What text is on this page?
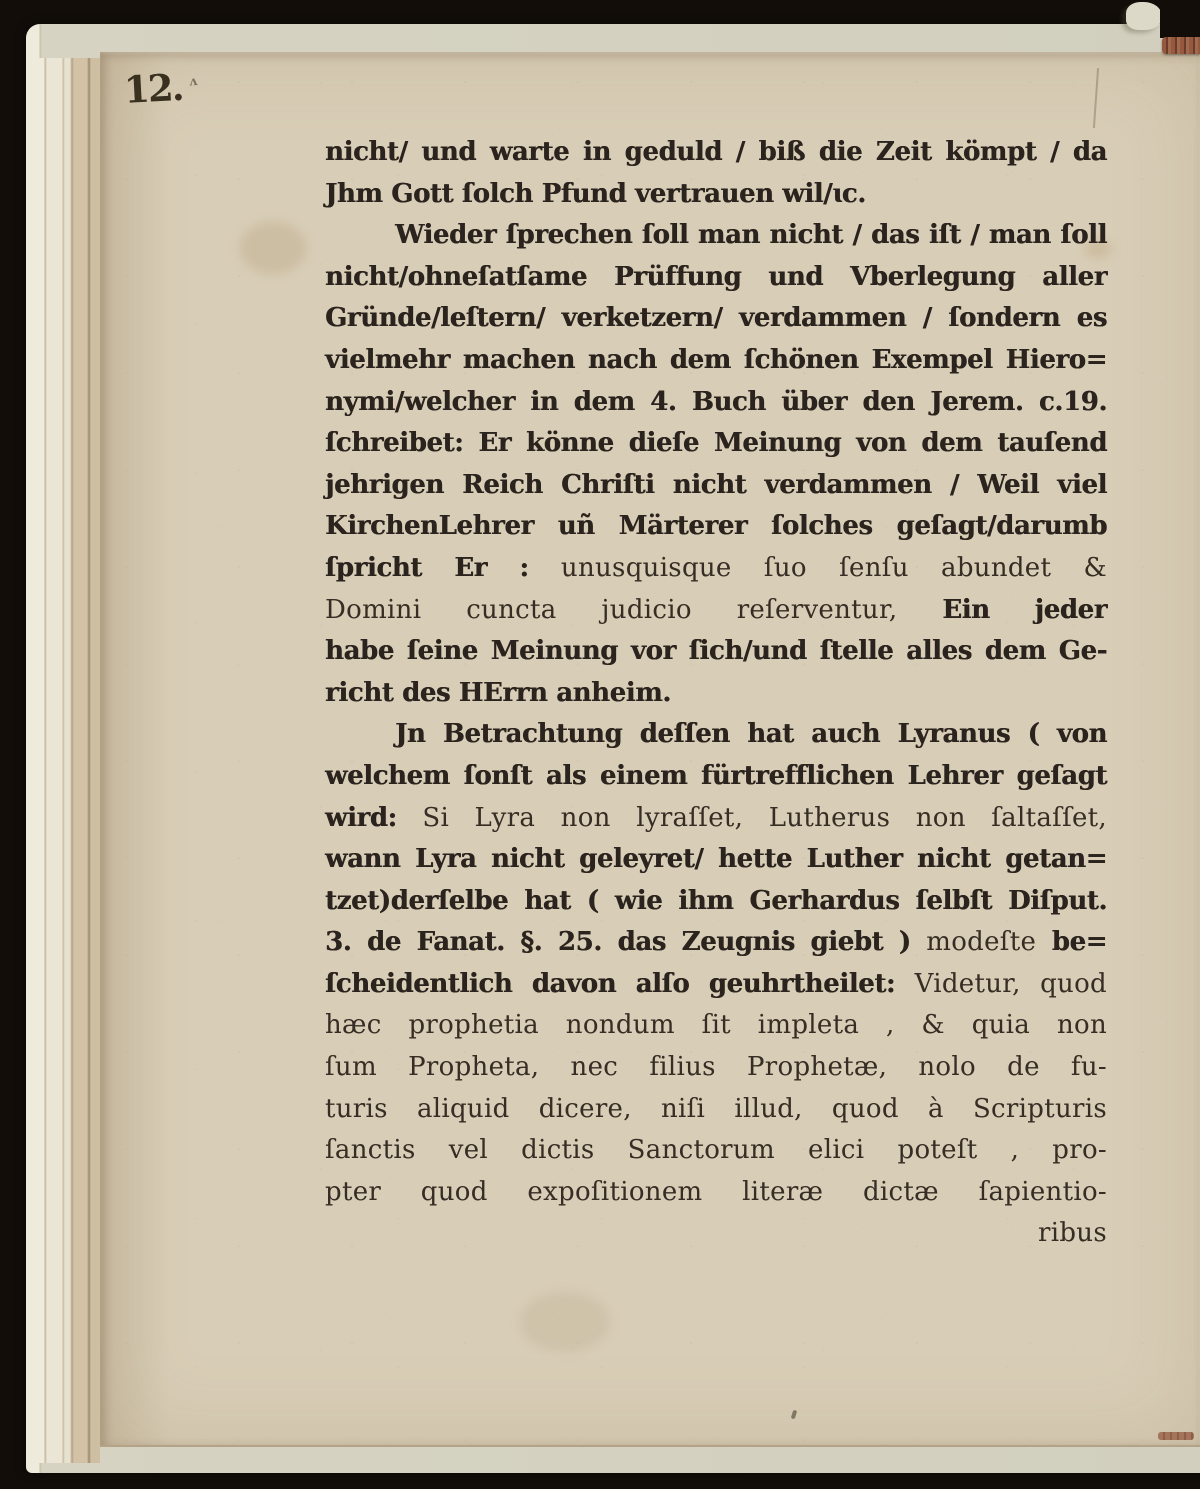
12. $^ʌ$
nicht/ und warte in geduld / biß die Zeit kömpt / da
Jhm Gott ſolch Pfund vertrauen wil/ɩc.
Wieder ſprechen ſoll man nicht / das iſt / man ſoll
nicht/ohneſatſame Prüffung und Vberlegung aller
Gründe/leſtern/ verketzern/ verdammen / ſondern es
vielmehr machen nach dem ſchönen Exempel Hiero=
nymi/welcher in dem 4. Buch über den Jerem. c.19.
ſchreibet: Er könne dieſe Meinung von dem tauſend
jehrigen Reich Chriſti nicht verdammen / Weil viel
KirchenLehrer uñ Märterer ſolches geſagt/darumb
ſpricht Er : unusquisque ſuo ſenſu abundet &
Domini cuncta judicio reſerventur, Ein jeder
habe ſeine Meinung vor ſich/und ſtelle alles dem Ge-
richt des HErrn anheim.
Jn Betrachtung deſſen hat auch Lyranus ( von
welchem ſonſt als einem fürtrefflichen Lehrer geſagt
wird: Si Lyra non lyraſſet, Lutherus non ſaltaſſet,
wann Lyra nicht geleyret/ hette Luther nicht getan=
tzet)derſelbe hat ( wie ihm Gerhardus ſelbſt Diſput.
3. de Fanat. §. 25. das Zeugnis giebt ) modeſte be=
ſcheidentlich davon alſo geuhrtheilet: Videtur, quod
hæc prophetia nondum ſit impleta , & quia non
ſum Propheta, nec filius Prophetæ, nolo de fu-
turis aliquid dicere, niſi illud, quod à Scripturis
ſanctis vel dictis Sanctorum elici poteſt , pro-
pter quod expoſitionem literæ dictæ ſapientio-
ribus
